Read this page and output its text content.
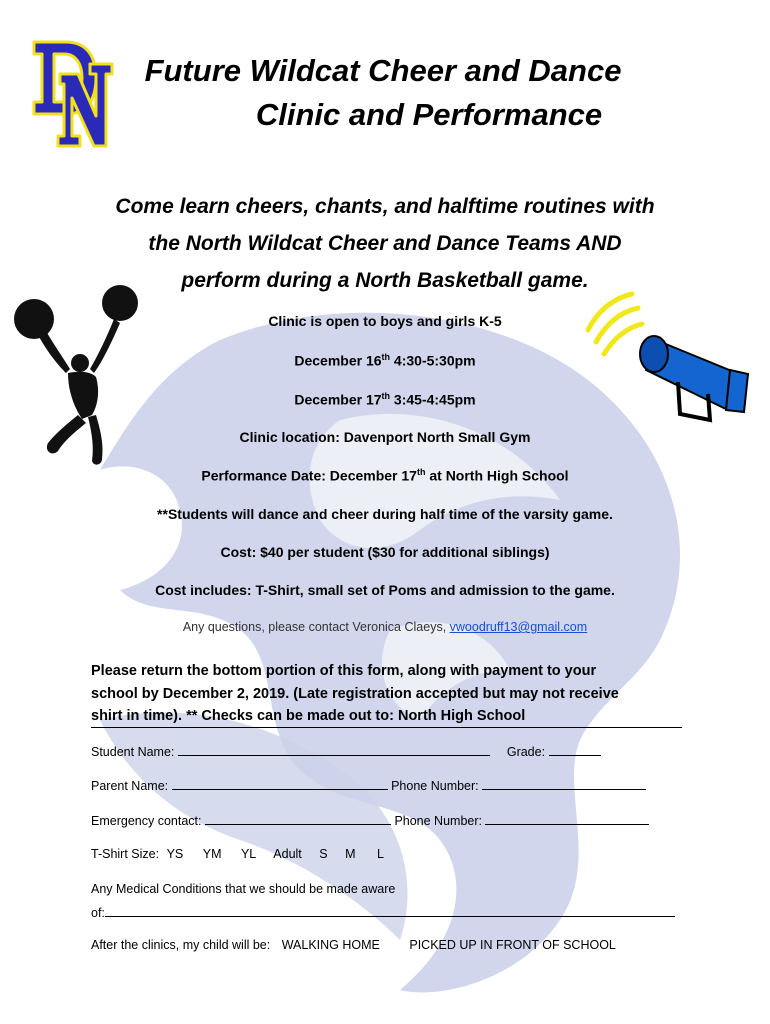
Future Wildcat Cheer and Dance
Clinic and Performance
Come learn cheers, chants, and halftime routines with
the North Wildcat Cheer and Dance Teams AND
perform during a North Basketball game.
Clinic is open to boys and girls K-5
December 16th 4:30-5:30pm
December 17th 3:45-4:45pm
Clinic location: Davenport North Small Gym
Performance Date: December 17th at North High School
**Students will dance and cheer during half time of the varsity game.
Cost: $40 per student ($30 for additional siblings)
Cost includes: T-Shirt, small set of Poms and admission to the game.
Any questions, please contact Veronica Claeys, vwoodruff13@gmail.com
Please return the bottom portion of this form, along with payment to your
school by December 2, 2019. (Late registration accepted but may not receive
shirt in time). ** Checks can be made out to: North High School
Student Name:	Grade:
Parent Name:	Phone Number:
Emergency contact:	Phone Number:
T-Shirt Size: YS YM YL Adult S M L
Any Medical Conditions that we should be made aware
of:
After the clinics, my child will be: WALKING HOME PICKED UP IN FRONT OF SCHOOL
